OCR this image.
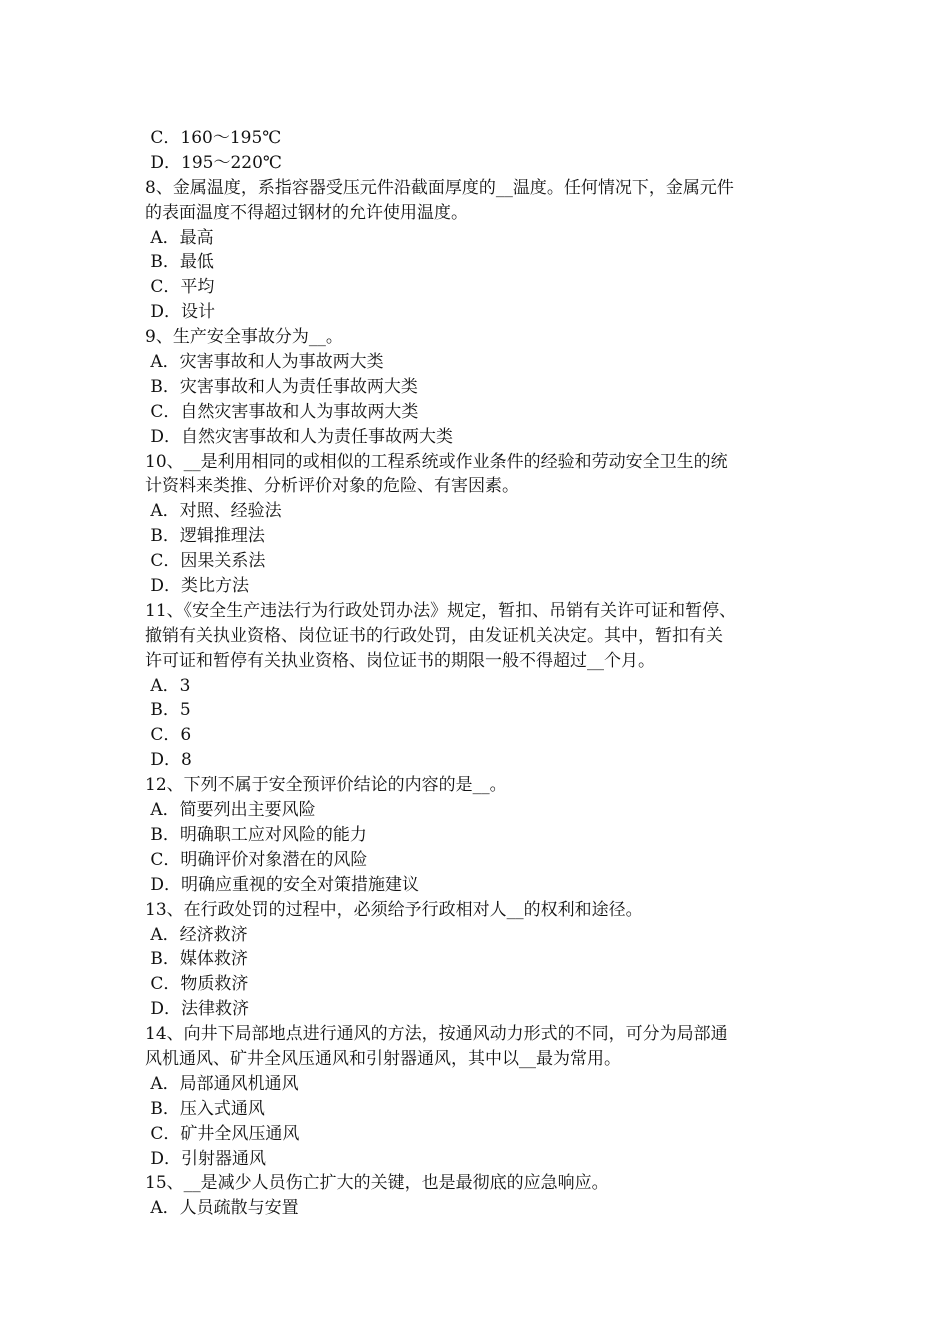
C．160～195℃
D．195～220℃
8、金属温度，系指容器受压元件沿截面厚度的__温度。任何情况下，金属元件
的表面温度不得超过钢材的允许使用温度。
A．最高
B．最低
C．平均
D．设计
9、生产安全事故分为__。
A．灾害事故和人为事故两大类
B．灾害事故和人为责任事故两大类
C．自然灾害事故和人为事故两大类
D．自然灾害事故和人为责任事故两大类
10、__是利用相同的或相似的工程系统或作业条件的经验和劳动安全卫生的统
计资料来类推、分析评价对象的危险、有害因素。
A．对照、经验法
B．逻辑推理法
C．因果关系法
D．类比方法
11、《安全生产违法行为行政处罚办法》规定，暂扣、吊销有关许可证和暂停、
撤销有关执业资格、岗位证书的行政处罚，由发证机关决定。其中，暂扣有关
许可证和暂停有关执业资格、岗位证书的期限一般不得超过__个月。
A．3
B．5
C．6
D．8
12、下列不属于安全预评价结论的内容的是__。
A．简要列出主要风险
B．明确职工应对风险的能力
C．明确评价对象潜在的风险
D．明确应重视的安全对策措施建议
13、在行政处罚的过程中，必须给予行政相对人__的权利和途径。
A．经济救济
B．媒体救济
C．物质救济
D．法律救济
14、向井下局部地点进行通风的方法，按通风动力形式的不同，可分为局部通
风机通风、矿井全风压通风和引射器通风，其中以__最为常用。
A．局部通风机通风
B．压入式通风
C．矿井全风压通风
D．引射器通风
15、__是减少人员伤亡扩大的关键，也是最彻底的应急响应。
A．人员疏散与安置
